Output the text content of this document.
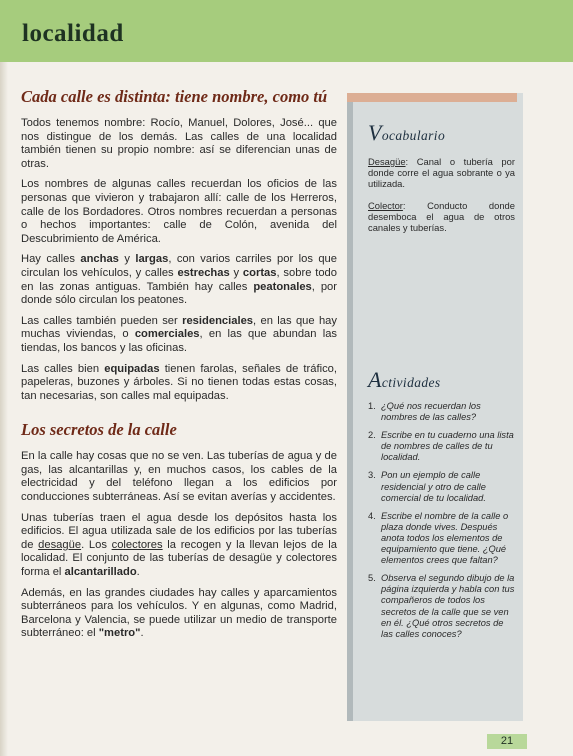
localidad
Cada calle es distinta: tiene nombre, como tú

Todos tenemos nombre: Rocío, Manuel, Dolores, José... que nos distingue de los demás. Las calles de una localidad también tienen su propio nombre: así se diferencian unas de otras.

Los nombres de algunas calles recuerdan los oficios de las personas que vivieron y trabajaron allí: calle de los Herreros, calle de los Bordadores. Otros nombres recuerdan a personas o hechos importantes: calle de Colón, avenida del Descubrimiento de América.

Hay calles anchas y largas, con varios carriles por los que circulan los vehículos, y calles estrechas y cortas, sobre todo en las zonas antiguas. También hay calles peatonales, por donde sólo circulan los peatones.

Las calles también pueden ser residenciales, en las que hay muchas viviendas, o comerciales, en las que abundan las tiendas, los bancos y las oficinas.

Las calles bien equipadas tienen farolas, señales de tráfico, papeleras, buzones y árboles. Si no tienen todas estas cosas, tan necesarias, son calles mal equipadas.

Los secretos de la calle

En la calle hay cosas que no se ven. Las tuberías de agua y de gas, las alcantarillas y, en muchos casos, los cables de la electricidad y del teléfono llegan a los edificios por conducciones subterráneas. Así se evitan averías y accidentes.

Unas tuberías traen el agua desde los depósitos hasta los edificios. El agua utilizada sale de los edificios por las tuberías de desagüe. Los colectores la recogen y la llevan lejos de la localidad. El conjunto de las tuberías de desagüe y colectores forma el alcantarillado.

Además, en las grandes ciudades hay calles y aparcamientos subterráneos para los vehículos. Y en algunas, como Madrid, Barcelona y Valencia, se puede utilizar un medio de transporte subterráneo: el "metro".

Vocabulario
Desagüe: Canal o tubería por donde corre el agua sobrante o ya utilizada.
Colector: Conducto donde desemboca el agua de otros canales y tuberías.
Actividades
1. ¿Qué nos recuerdan los nombres de las calles?
2. Escribe en tu cuaderno una lista de nombres de calles de tu localidad.
3. Pon un ejemplo de calle residencial y otro de calle comercial de tu localidad.
4. Escribe el nombre de la calle o plaza donde vives. Después anota todos los elementos de equipamiento que tiene. ¿Qué elementos crees que faltan?
5. Observa el segundo dibujo de la página izquierda y habla con tus compañeros de todos los secretos de la calle que se ven en él. ¿Qué otros secretos de las calles conoces?
21
